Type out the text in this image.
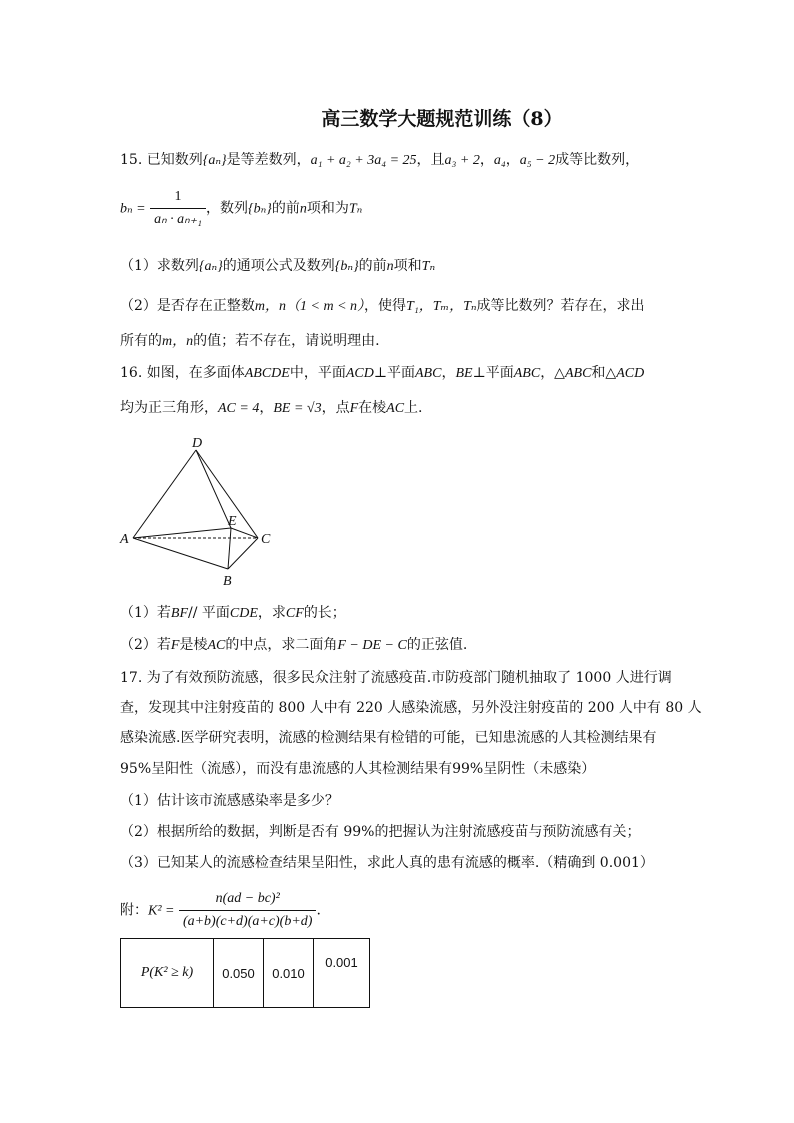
高三数学大题规范训练（8）
15. 已知数列{aₙ}是等差数列，a₁ + a₂ + 3a₄ = 25，且a₃ + 2，a₄，a₅ − 2成等比数列，
$b_n = \frac{1}{\text{aₙ · aₙ₊₁}}$ ，数列{bₙ}的前n项和为Tₙ
（1）求数列{aₙ}的通项公式及数列{bₙ}的前n项和Tₙ
（2）是否存在正整数m，n（1 < m < n），使得T₁，Tₘ，Tₙ成等比数列？若存在，求出
所有的m，n的值；若不存在，请说明理由.
16. 如图，在多面体ABCDE中，平面ACD⊥平面ABC，BE⊥平面ABC，△ABC和△ACD
均为正三角形，AC = 4，BE = √3，点F在棱AC上.
D
E
A	C
B
（1）若BF// 平面CDE，求CF的长；
（2）若F是棱AC的中点，求二面角F − DE − C的正弦值.
17. 为了有效预防流感，很多民众注射了流感疫苗.市防疫部门随机抽取了 1000 人进行调
查，发现其中注射疫苗的 800 人中有 220 人感染流感，另外没注射疫苗的 200 人中有 80 人
感染流感.医学研究表明，流感的检测结果有检错的可能，已知患流感的人其检测结果有
95%呈阳性（流感），而没有患流感的人其检测结果有99%呈阴性（未感染）
（1）估计该市流感感染率是多少？
（2）根据所给的数据，判断是否有 99%的把握认为注射流感疫苗与预防流感有关；
（3）已知某人的流感检查结果呈阳性，求此人真的患有流感的概率.（精确到 0.001）
附：$K^2 = \frac{\text{n(ad − bc)²}}{(a+b)(c+d)(a+c)(b+d)}$ .
P(K² ≥ k)	0.050	0.010	0.001
